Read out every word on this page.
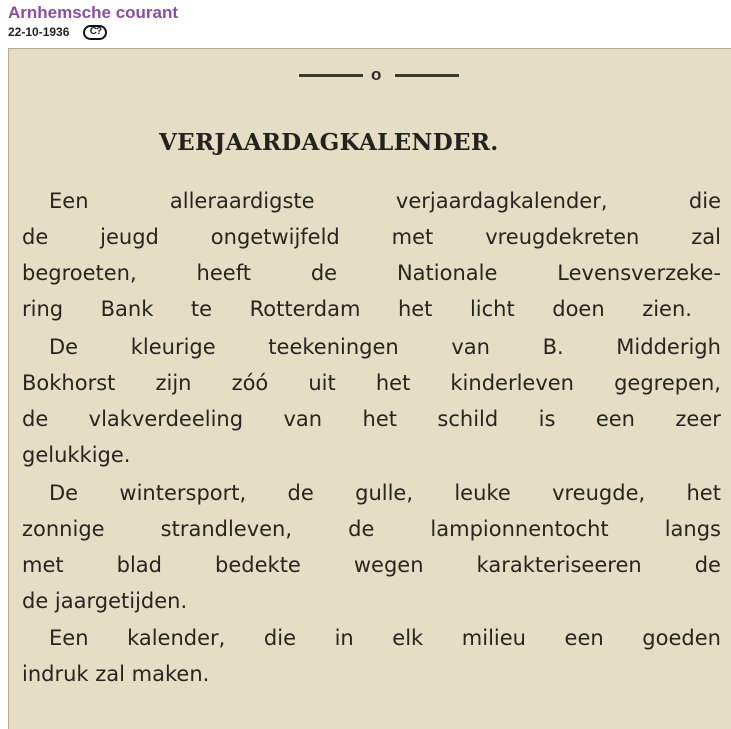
Arnhemsche courant
22-10-1936	C?
o
VERJAARDAGKALENDER.
Een	alleraardigste	verjaardagkalender,	die
de jeugd ongetwijfeld met vreugdekreten zal
begroeten,	heeft	de	Nationale	Levensverzeke-
ring Bank te Rotterdam het licht doen zien.
De	kleurige	teekeningen	van	B.	Midderigh
Bokhorst zijn zóó uit het kinderleven gegrepen,
de vlakverdeeling van het schild is een zeer
gelukkige.
De wintersport, de gulle, leuke vreugde, het
zonnige	strandleven,	de	lampionnentocht	langs
met	blad	bedekte	wegen	karakteriseeren	de
de jaargetijden.
Een kalender, die in elk milieu een goeden
indruk zal maken.
